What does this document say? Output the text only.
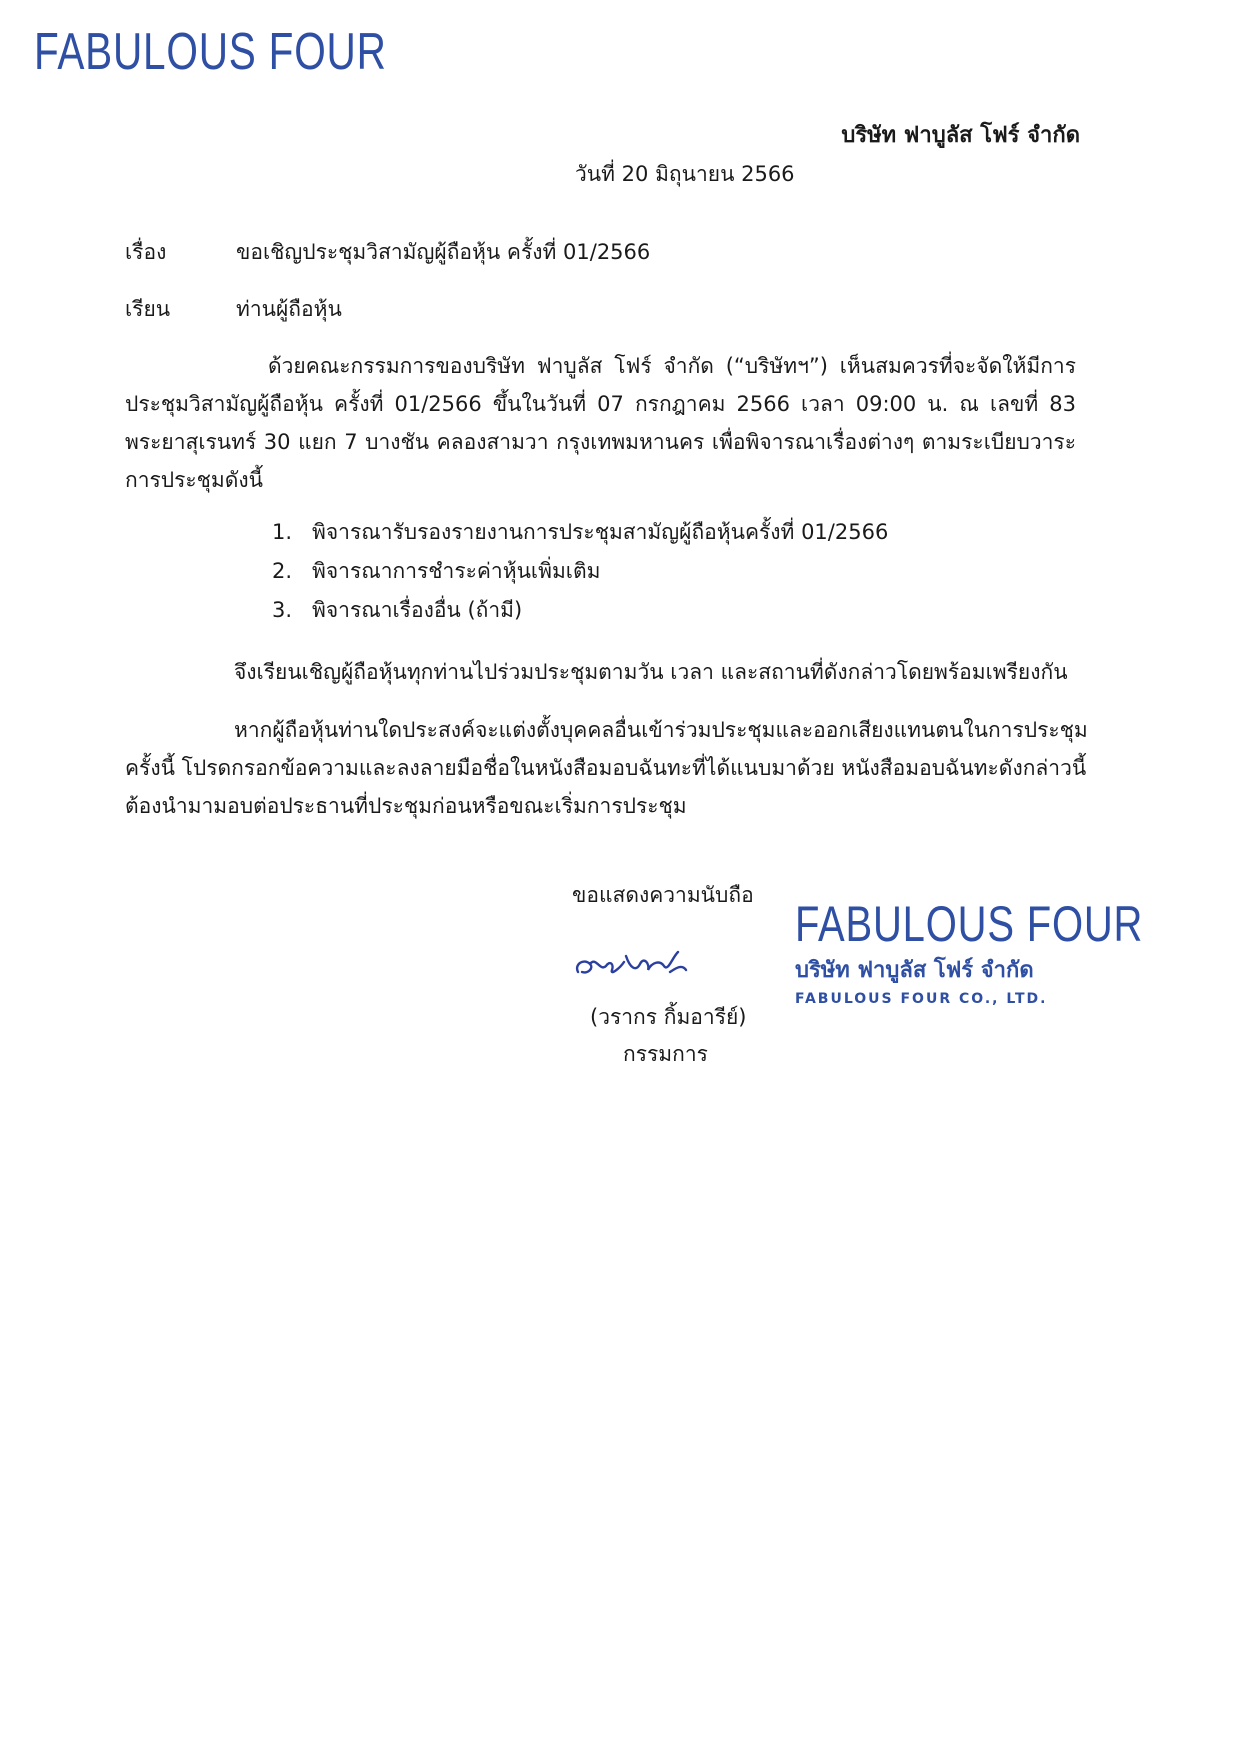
FABULOUS FOUR
บริษัท ฟาบูลัส โฟร์ จำกัด
วันที่ 20 มิถุนายน 2566
เรื่อง	ขอเชิญประชุมวิสามัญผู้ถือหุ้น ครั้งที่ 01/2566
เรียน	ท่านผู้ถือหุ้น
ด้วยคณะกรรมการของบริษัท ฟาบูลัส โฟร์ จำกัด (“บริษัทฯ”) เห็นสมควรที่จะจัดให้มีการ
ประชุมวิสามัญผู้ถือหุ้น ครั้งที่ 01/2566 ขึ้นในวันที่ 07 กรกฎาคม 2566 เวลา 09:00 น. ณ เลขที่ 83
พระยาสุเรนทร์ 30 แยก 7 บางชัน คลองสามวา กรุงเทพมหานคร เพื่อพิจารณาเรื่องต่างๆ ตามระเบียบวาระ
การประชุมดังนี้
1. พิจารณารับรองรายงานการประชุมสามัญผู้ถือหุ้นครั้งที่ 01/2566
2. พิจารณาการชำระค่าหุ้นเพิ่มเติม
3. พิจารณาเรื่องอื่น (ถ้ามี)
จึงเรียนเชิญผู้ถือหุ้นทุกท่านไปร่วมประชุมตามวัน เวลา และสถานที่ดังกล่าวโดยพร้อมเพรียงกัน
หากผู้ถือหุ้นท่านใดประสงค์จะแต่งตั้งบุคคลอื่นเข้าร่วมประชุมและออกเสียงแทนตนในการประชุม
ครั้งนี้ โปรดกรอกข้อความและลงลายมือชื่อในหนังสือมอบฉันทะที่ได้แนบมาด้วย หนังสือมอบฉันทะดังกล่าวนี้
ต้องนำมามอบต่อประธานที่ประชุมก่อนหรือขณะเริ่มการประชุม
ขอแสดงความนับถือ
(วรากร กิ้มอารีย์)
กรรมการ
FABULOUS FOUR
บริษัท ฟาบูลัส โฟร์ จำกัด
FABULOUS FOUR CO., LTD.
